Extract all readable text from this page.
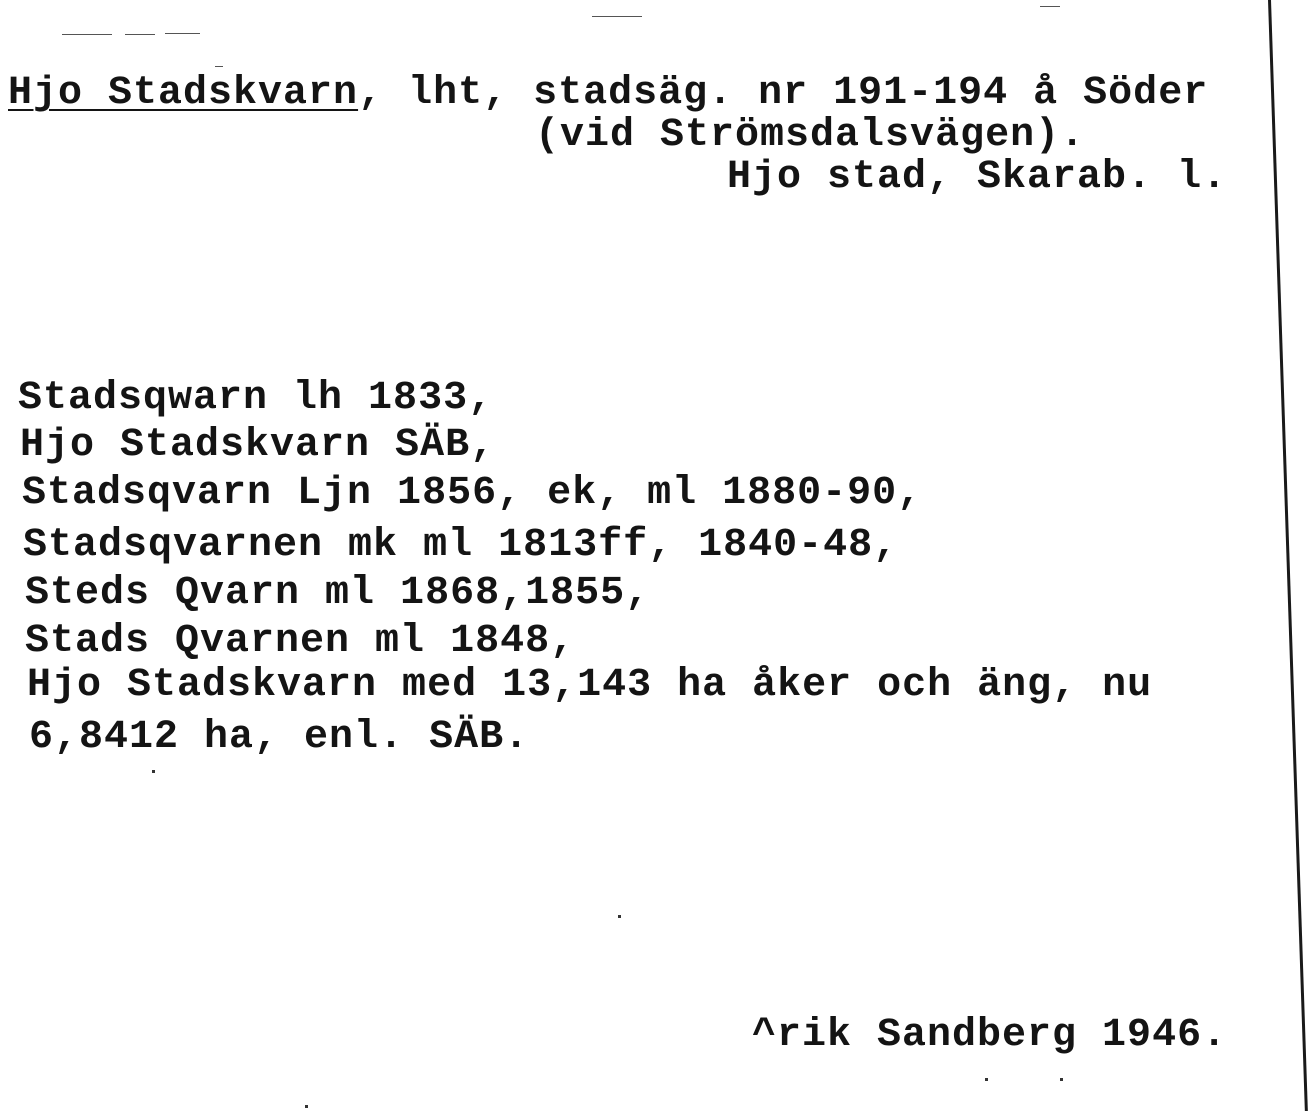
Hjo Stadskvarn, lht, stadsäg. nr 191-194 å Söder
(vid Strömsdalsvägen).
Hjo stad, Skarab. l.
Stadsqwarn lh 1833,
Hjo Stadskvarn SÄB,
Stadsqvarn Ljn 1856, ek, ml 1880-90,
Stadsqvarnen mk ml 1813ff, 1840-48,
Steds Qvarn ml 1868,1855,
Stads Qvarnen ml 1848,
Hjo Stadskvarn med 13,143 ha åker och äng, nu
6,8412 ha, enl. SÄB.
^rik Sandberg 1946.
